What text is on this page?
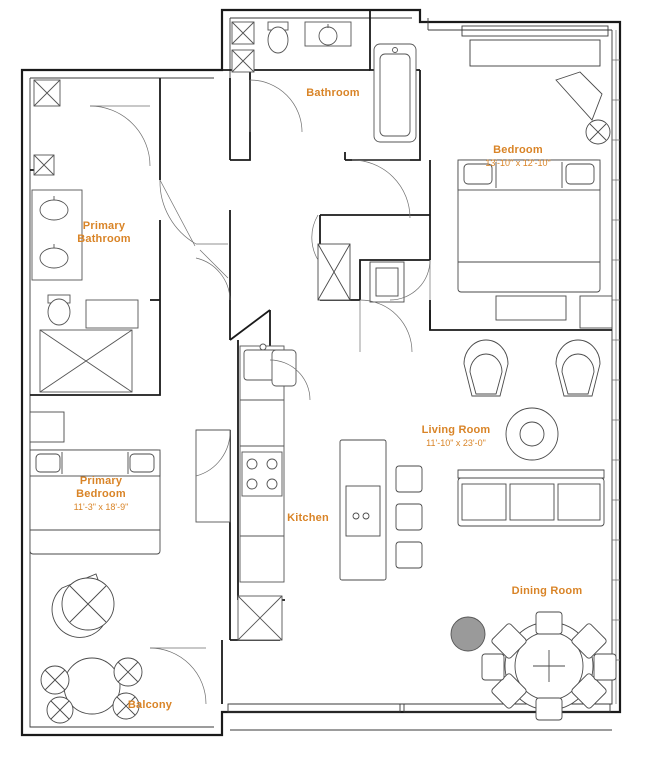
Bathroom
Bedroom
13'-10" x 12'-10"
Primary
Bathroom
Primary
Bedroom
11'-3" x 18'-9"
Kitchen
Living Room
11'-10" x 23'-0"
Dining Room
Balcony
